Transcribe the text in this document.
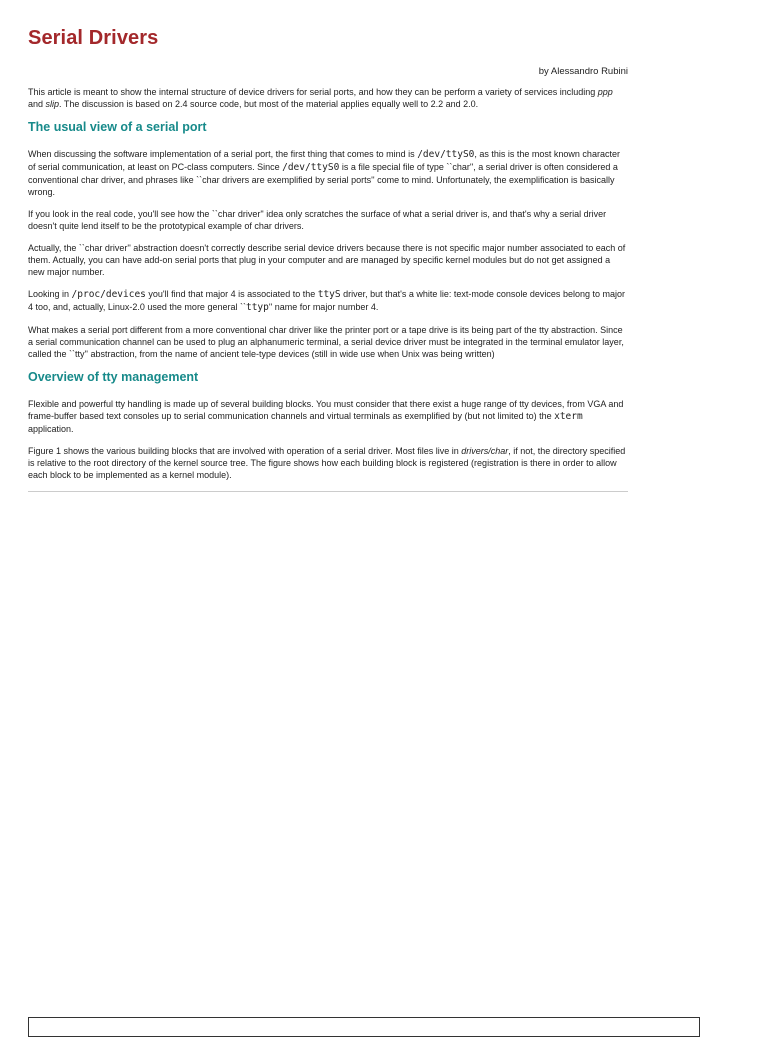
Serial Drivers
by Alessandro Rubini

This article is meant to show the internal structure of device drivers for serial ports, and how they can be perform a variety of services including ppp and slip. The discussion is based on 2.4 source code, but most of the material applies equally well to 2.2 and 2.0.

The usual view of a serial port

When discussing the software implementation of a serial port, the first thing that comes to mind is /dev/ttyS0, as this is the most known character of serial communication, at least on PC-class computers. Since /dev/ttyS0 is a file special file of type ``char'', a serial driver is often considered a conventional char driver, and phrases like ``char drivers are exemplified by serial ports'' come to mind. Unfortunately, the exemplification is basically wrong.

If you look in the real code, you'll see how the ``char driver'' idea only scratches the surface of what a serial driver is, and that's why a serial driver doesn't quite lend itself to be the prototypical example of char drivers.

Actually, the ``char driver'' abstraction doesn't correctly describe serial device drivers because there is not specific major number associated to each of them. Actually, you can have add-on serial ports that plug in your computer and are managed by specific kernel modules but do not get assigned a new major number.

Looking in /proc/devices you'll find that major 4 is associated to the ttyS driver, but that's a white lie: text-mode console devices belong to major 4 too, and, actually, Linux-2.0 used the more general ``ttyp'' name for major number 4.

What makes a serial port different from a more conventional char driver like the printer port or a tape drive is its being part of the tty abstraction. Since a serial communication channel can be used to plug an alphanumeric terminal, a serial device driver must be integrated in the terminal emulator layer, called the ``tty'' abstraction, from the name of ancient tele-type devices (still in wide use when Unix was being written)

Overview of tty management

Flexible and powerful tty handling is made up of several building blocks. You must consider that there exist a huge range of tty devices, from VGA and frame-buffer based text consoles up to serial communication channels and virtual terminals as exemplified by (but not limited to) the xterm application.

Figure 1 shows the various building blocks that are involved with operation of a serial driver. Most files live in drivers/char, if not, the directory specified is relative to the root directory of the kernel source tree. The figure shows how each building block is registered (registration is there in order to allow each block to be implemented as a kernel module).
